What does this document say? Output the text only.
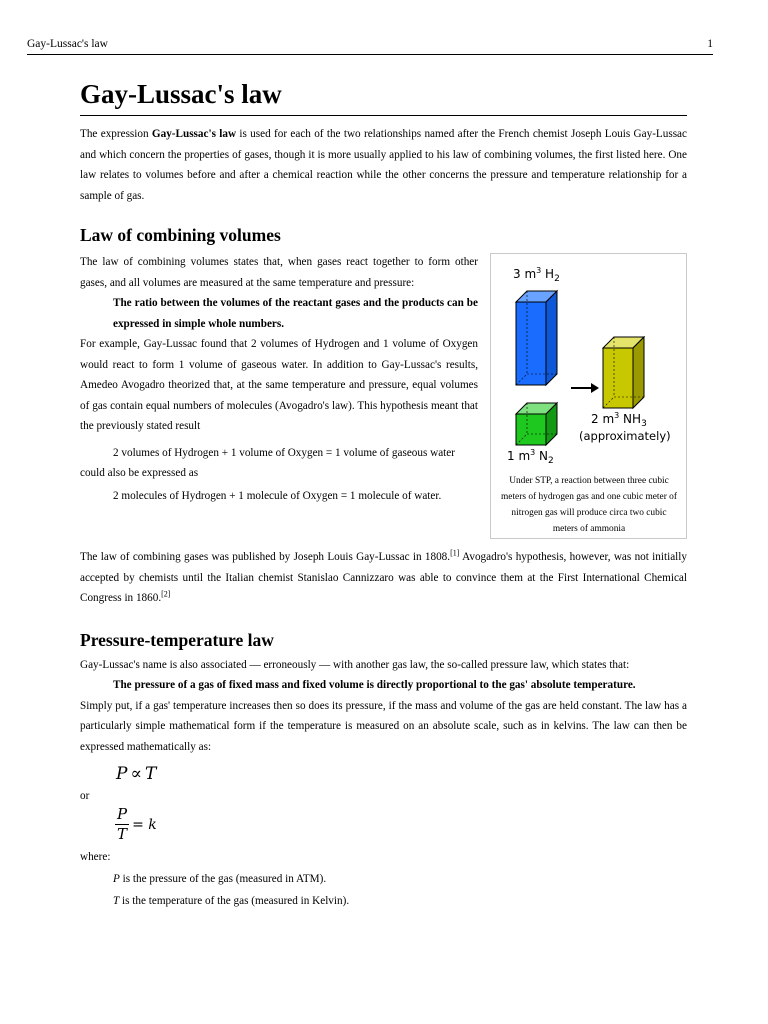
Gay-Lussac's law	1
Gay-Lussac's law

The expression Gay-Lussac's law is used for each of the two relationships named after the French chemist Joseph Louis Gay-Lussac and which concern the properties of gases, though it is more usually applied to his law of combining volumes, the first listed here. One law relates to volumes before and after a chemical reaction while the other concerns the pressure and temperature relationship for a sample of gas.

Law of combining volumes
3 $m^3$ $H_2$
1 $m^3$ $N_2$
2 $m^3$ $NH_3$
(approximately)
Under STP, a reaction between three cubic meters of hydrogen gas and one cubic meter of nitrogen gas will produce circa two cubic meters of ammonia

The law of combining volumes states that, when gases react together to form other gases, and all volumes are measured at the same temperature and pressure:

The ratio between the volumes of the reactant gases and the products can be expressed in simple whole numbers.

For example, Gay-Lussac found that 2 volumes of Hydrogen and 1 volume of Oxygen would react to form 1 volume of gaseous water. In addition to Gay-Lussac's results, Amedeo Avogadro theorized that, at the same temperature and pressure, equal volumes of gas contain equal numbers of molecules (Avogadro's law). This hypothesis meant that the previously stated result

2 volumes of Hydrogen + 1 volume of Oxygen = 1 volume of gaseous water

could also be expressed as

2 molecules of Hydrogen + 1 molecule of Oxygen = 1 molecule of water.

The law of combining gases was published by Joseph Louis Gay-Lussac in 1808.[1] Avogadro's hypothesis, however, was not initially accepted by chemists until the Italian chemist Stanislao Cannizzaro was able to convince them at the First International Chemical Congress in 1860.[2]

Pressure-temperature law

Gay-Lussac's name is also associated — erroneously — with another gas law, the so-called pressure law, which states that:

The pressure of a gas of fixed mass and fixed volume is directly proportional to the gas' absolute temperature.

Simply put, if a gas' temperature increases then so does its pressure, if the mass and volume of the gas are held constant. The law has a particularly simple mathematical form if the temperature is measured on an absolute scale, such as in kelvins. The law can then be expressed mathematically as:

P ∝ T

or

$\frac{P}{T} = k$

where:

P is the pressure of the gas (measured in ATM).

T is the temperature of the gas (measured in Kelvin).
